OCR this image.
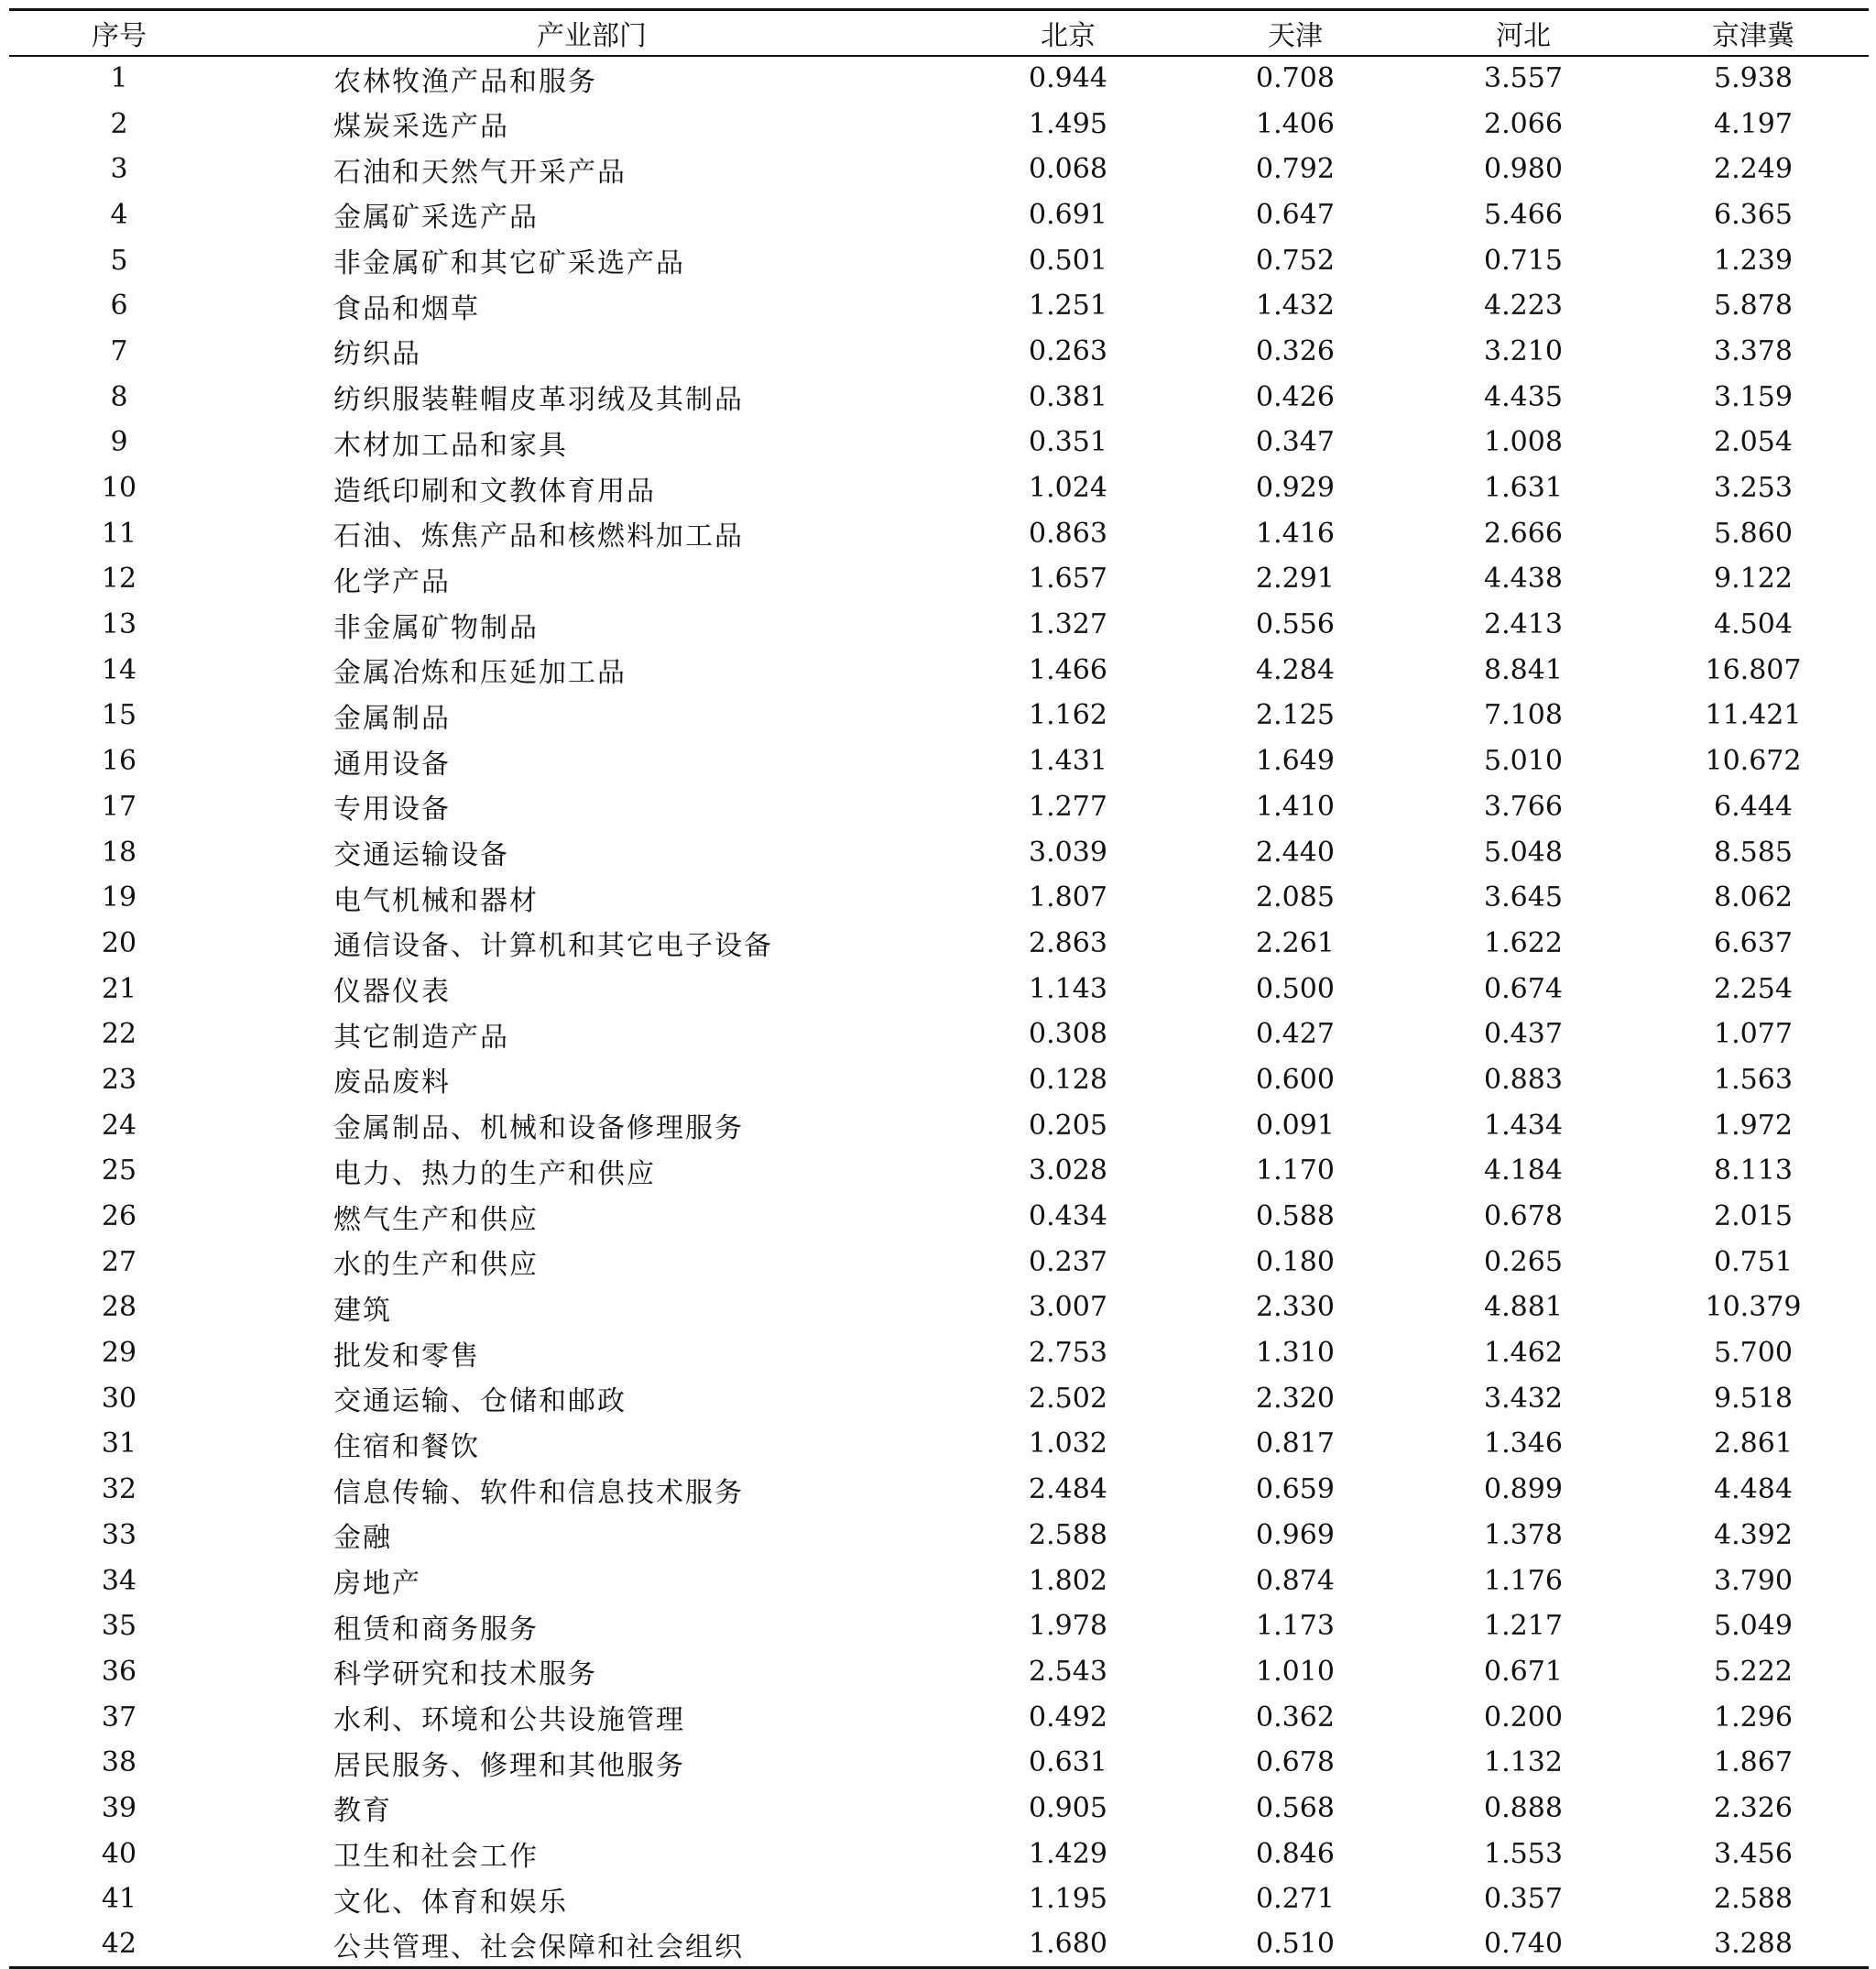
序号	产业部门	北京	天津	河北	京津冀
1	农林牧渔产品和服务	0.944	0.708	3.557	5.938
2	煤炭采选产品	1.495	1.406	2.066	4.197
3	石油和天然气开采产品	0.068	0.792	0.980	2.249
4	金属矿采选产品	0.691	0.647	5.466	6.365
5	非金属矿和其它矿采选产品	0.501	0.752	0.715	1.239
6	食品和烟草	1.251	1.432	4.223	5.878
7	纺织品	0.263	0.326	3.210	3.378
8	纺织服装鞋帽皮革羽绒及其制品	0.381	0.426	4.435	3.159
9	木材加工品和家具	0.351	0.347	1.008	2.054
10	造纸印刷和文教体育用品	1.024	0.929	1.631	3.253
11	石油、炼焦产品和核燃料加工品	0.863	1.416	2.666	5.860
12	化学产品	1.657	2.291	4.438	9.122
13	非金属矿物制品	1.327	0.556	2.413	4.504
14	金属冶炼和压延加工品	1.466	4.284	8.841	16.807
15	金属制品	1.162	2.125	7.108	11.421
16	通用设备	1.431	1.649	5.010	10.672
17	专用设备	1.277	1.410	3.766	6.444
18	交通运输设备	3.039	2.440	5.048	8.585
19	电气机械和器材	1.807	2.085	3.645	8.062
20	通信设备、计算机和其它电子设备	2.863	2.261	1.622	6.637
21	仪器仪表	1.143	0.500	0.674	2.254
22	其它制造产品	0.308	0.427	0.437	1.077
23	废品废料	0.128	0.600	0.883	1.563
24	金属制品、机械和设备修理服务	0.205	0.091	1.434	1.972
25	电力、热力的生产和供应	3.028	1.170	4.184	8.113
26	燃气生产和供应	0.434	0.588	0.678	2.015
27	水的生产和供应	0.237	0.180	0.265	0.751
28	建筑	3.007	2.330	4.881	10.379
29	批发和零售	2.753	1.310	1.462	5.700
30	交通运输、仓储和邮政	2.502	2.320	3.432	9.518
31	住宿和餐饮	1.032	0.817	1.346	2.861
32	信息传输、软件和信息技术服务	2.484	0.659	0.899	4.484
33	金融	2.588	0.969	1.378	4.392
34	房地产	1.802	0.874	1.176	3.790
35	租赁和商务服务	1.978	1.173	1.217	5.049
36	科学研究和技术服务	2.543	1.010	0.671	5.222
37	水利、环境和公共设施管理	0.492	0.362	0.200	1.296
38	居民服务、修理和其他服务	0.631	0.678	1.132	1.867
39	教育	0.905	0.568	0.888	2.326
40	卫生和社会工作	1.429	0.846	1.553	3.456
41	文化、体育和娱乐	1.195	0.271	0.357	2.588
42	公共管理、社会保障和社会组织	1.680	0.510	0.740	3.288
